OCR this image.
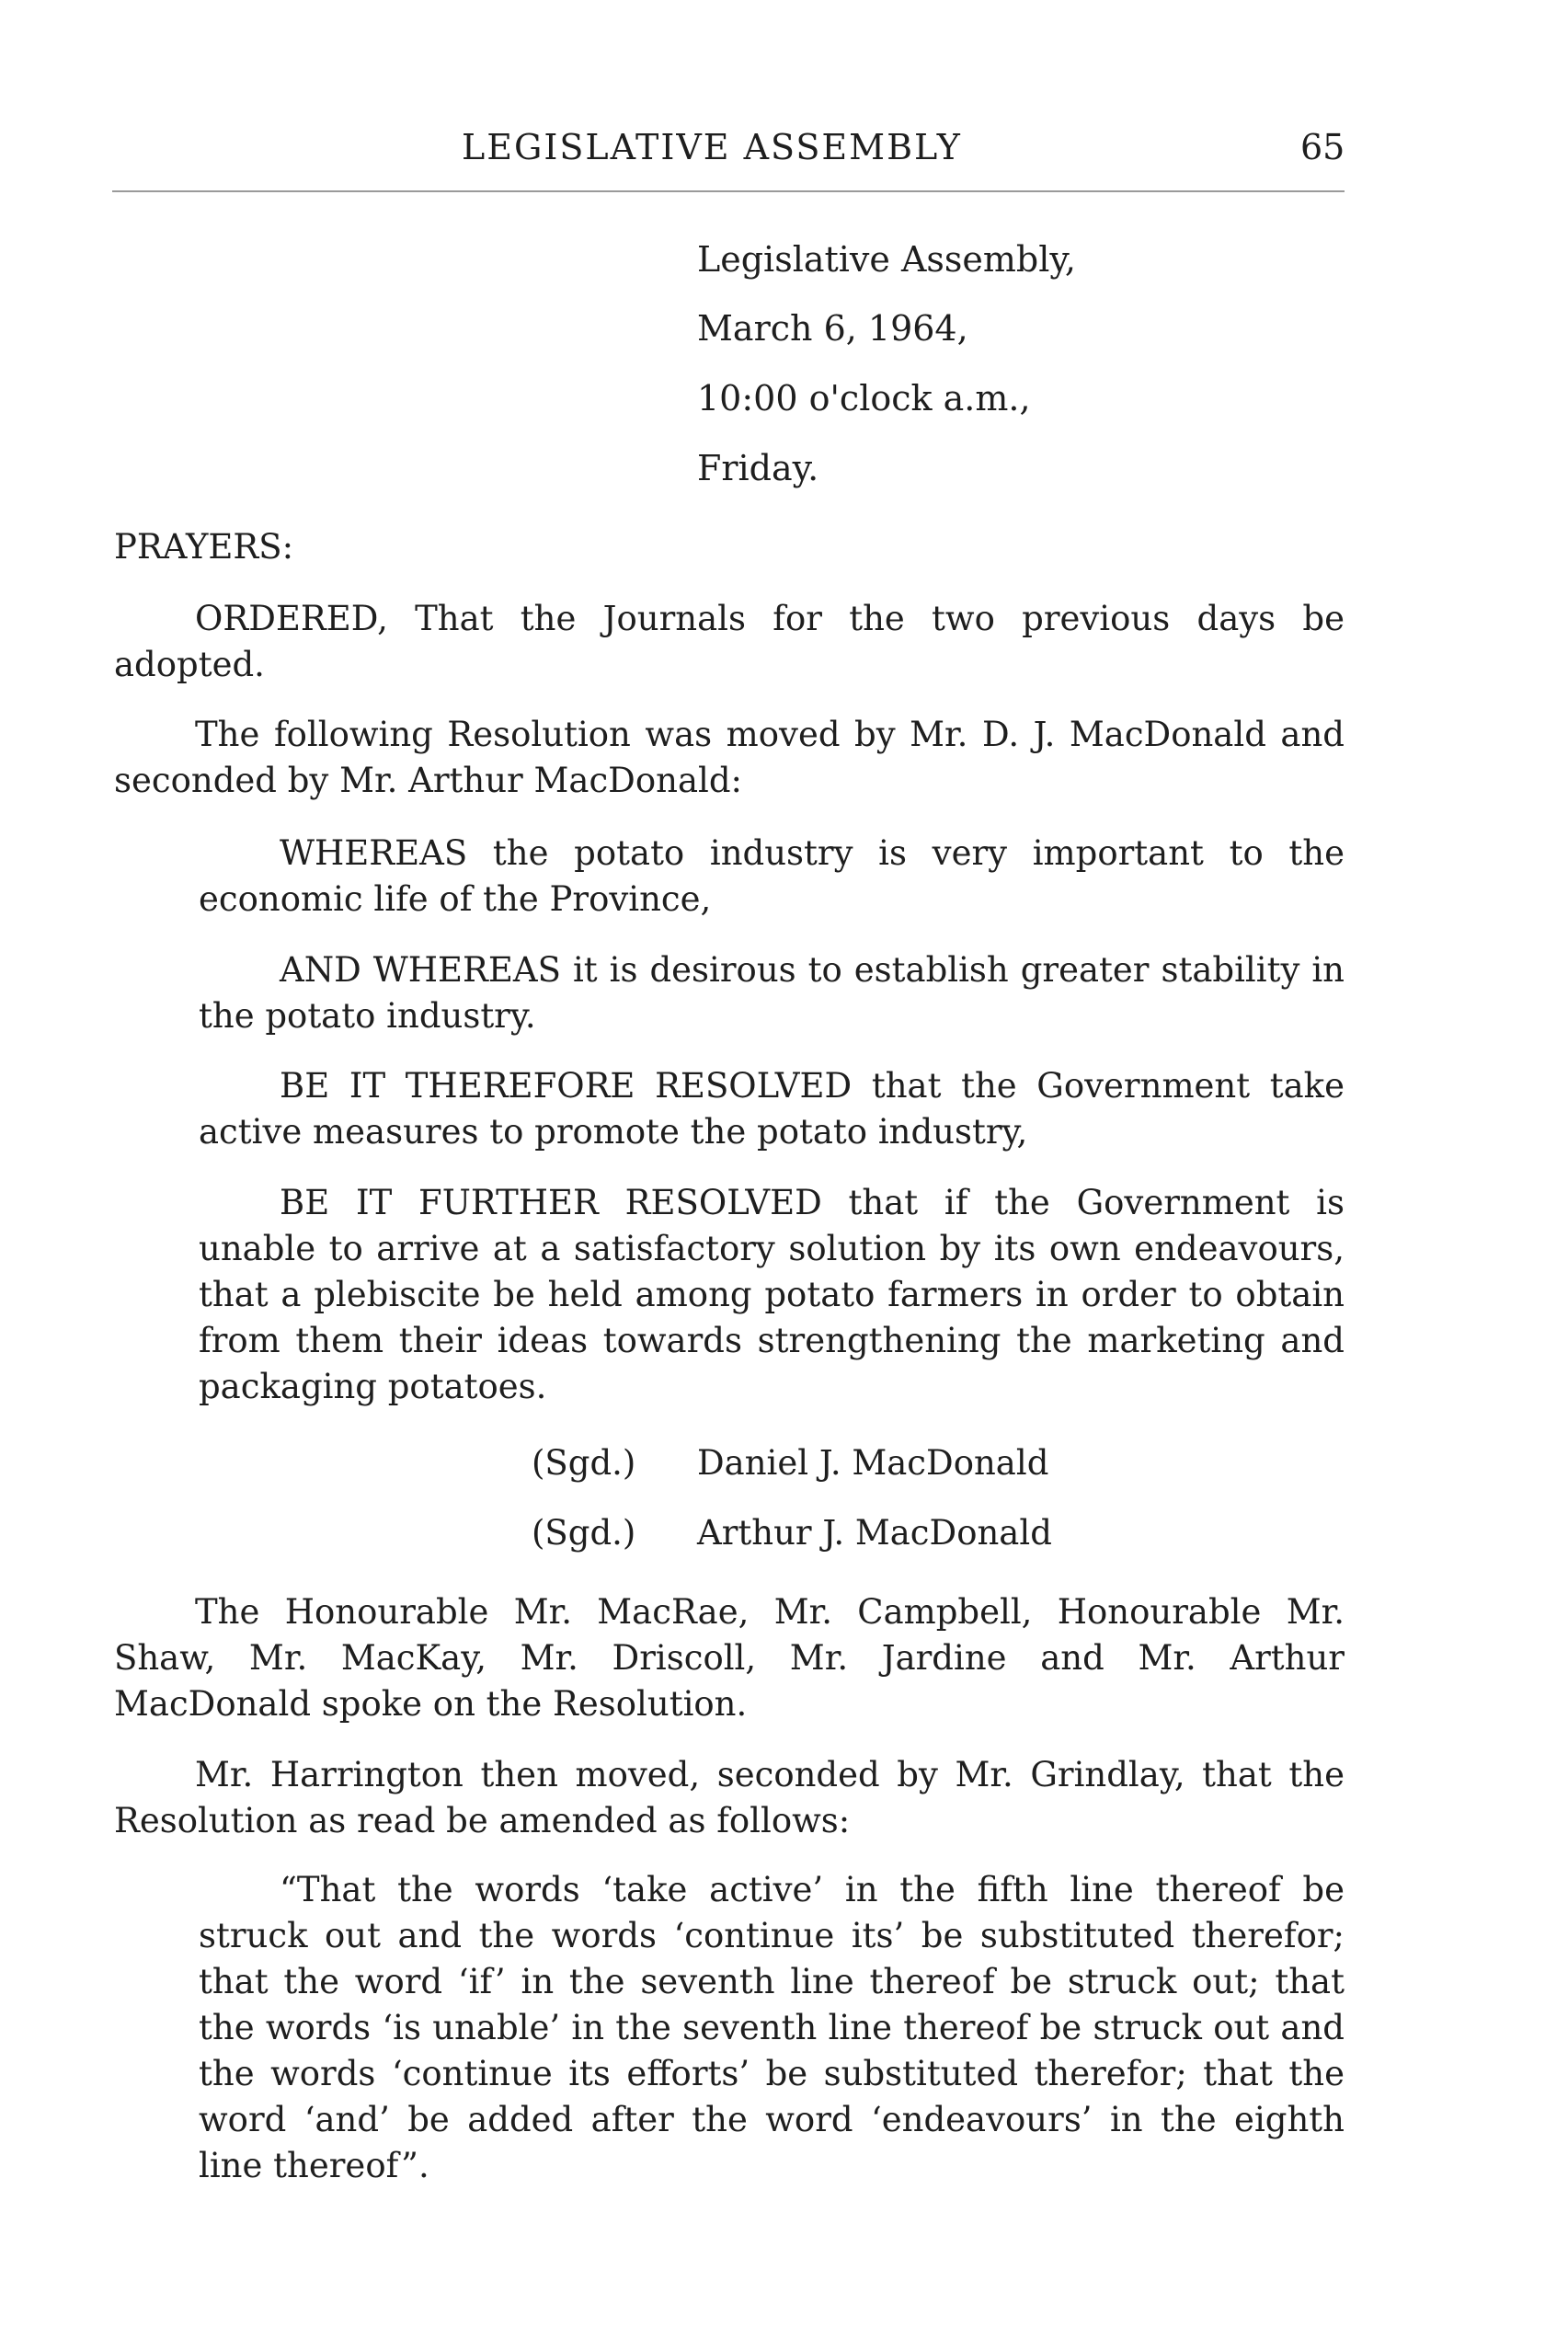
LEGISLATIVE ASSEMBLY	65
Legislative Assembly,
March 6, 1964,
10:00 o'clock a.m.,
Friday.
PRAYERS:

ORDERED, That the Journals for the two previous days be adopted.

The following Resolution was moved by Mr. D. J. MacDonald and seconded by Mr. Arthur MacDonald:

WHEREAS the potato industry is very important to the economic life of the Province,

AND WHEREAS it is desirous to establish greater stability in the potato industry.

BE IT THEREFORE RESOLVED that the Government take active measures to promote the potato industry,

BE IT FURTHER RESOLVED that if the Government is unable to arrive at a satisfactory solution by its own endeavours, that a plebiscite be held among potato farmers in order to obtain from them their ideas towards strengthening the marketing and packaging potatoes.

(Sgd.) Daniel J. MacDonald
(Sgd.) Arthur J. MacDonald

The Honourable Mr. MacRae, Mr. Campbell, Honourable Mr. Shaw, Mr. MacKay, Mr. Driscoll, Mr. Jardine and Mr. Arthur MacDonald spoke on the Resolution.

Mr. Harrington then moved, seconded by Mr. Grindlay, that the Resolution as read be amended as follows:

“That the words ‘take active’ in the fifth line thereof be struck out and the words ‘continue its’ be substituted therefor; that the word ‘if’ in the seventh line thereof be struck out; that the words ‘is unable’ in the seventh line thereof be struck out and the words ‘continue its efforts’ be substituted therefor; that the word ‘and’ be added after the word ‘endeavours’ in the eighth line thereof”.
